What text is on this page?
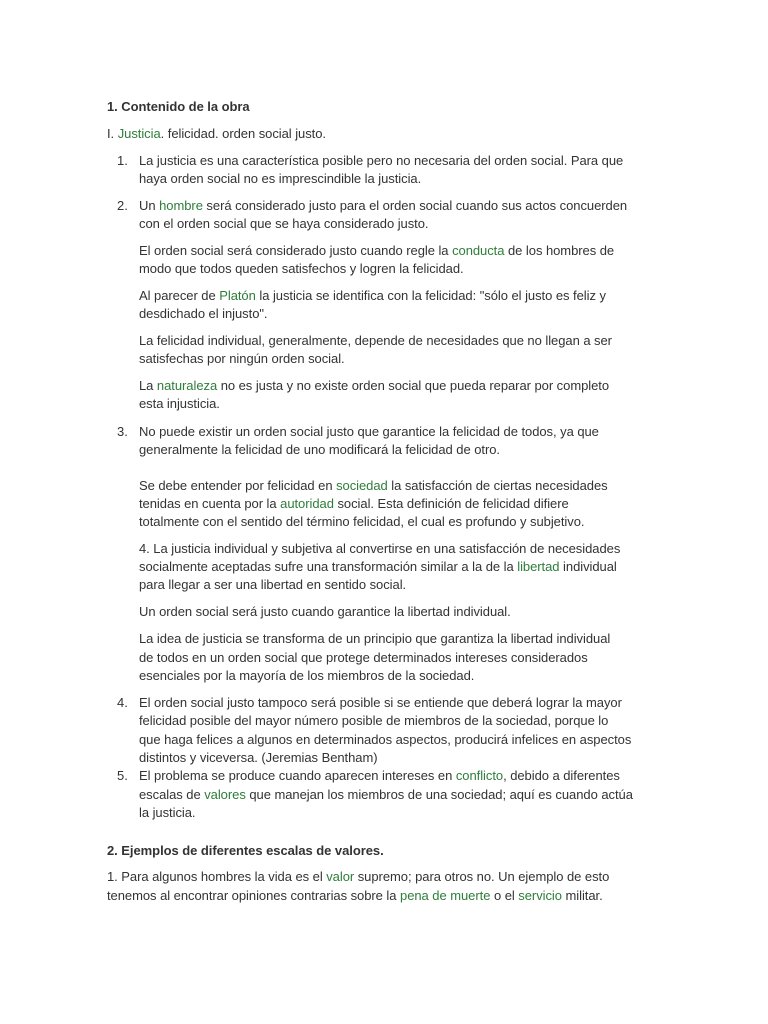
1. Contenido de la obra

I. Justicia. felicidad. orden social justo.

1. La justicia es una característica posible pero no necesaria del orden social. Para que

haya orden social no es imprescindible la justicia.

2. Un hombre será considerado justo para el orden social cuando sus actos concuerden

con el orden social que se haya considerado justo.

El orden social será considerado justo cuando regle la conducta de los hombres de

modo que todos queden satisfechos y logren la felicidad.

Al parecer de Platón la justicia se identifica con la felicidad: "sólo el justo es feliz y

desdichado el injusto".

La felicidad individual, generalmente, depende de necesidades que no llegan a ser

satisfechas por ningún orden social.

La naturaleza no es justa y no existe orden social que pueda reparar por completo

esta injusticia.

3. No puede existir un orden social justo que garantice la felicidad de todos, ya que

generalmente la felicidad de uno modificará la felicidad de otro.

Se debe entender por felicidad en sociedad la satisfacción de ciertas necesidades

tenidas en cuenta por la autoridad social. Esta definición de felicidad difiere

totalmente con el sentido del término felicidad, el cual es profundo y subjetivo.

4. La justicia individual y subjetiva al convertirse en una satisfacción de necesidades

socialmente aceptadas sufre una transformación similar a la de la libertad individual

para llegar a ser una libertad en sentido social.

Un orden social será justo cuando garantice la libertad individual.

La idea de justicia se transforma de un principio que garantiza la libertad individual

de todos en un orden social que protege determinados intereses considerados

esenciales por la mayoría de los miembros de la sociedad.

4. El orden social justo tampoco será posible si se entiende que deberá lograr la mayor

felicidad posible del mayor número posible de miembros de la sociedad, porque lo

que haga felices a algunos en determinados aspectos, producirá infelices en aspectos

distintos y viceversa. (Jeremias Bentham)

5. El problema se produce cuando aparecen intereses en conflicto, debido a diferentes

escalas de valores que manejan los miembros de una sociedad; aquí es cuando actúa

la justicia.

2. Ejemplos de diferentes escalas de valores.

1. Para algunos hombres la vida es el valor supremo; para otros no. Un ejemplo de esto

tenemos al encontrar opiniones contrarias sobre la pena de muerte o el servicio militar.
